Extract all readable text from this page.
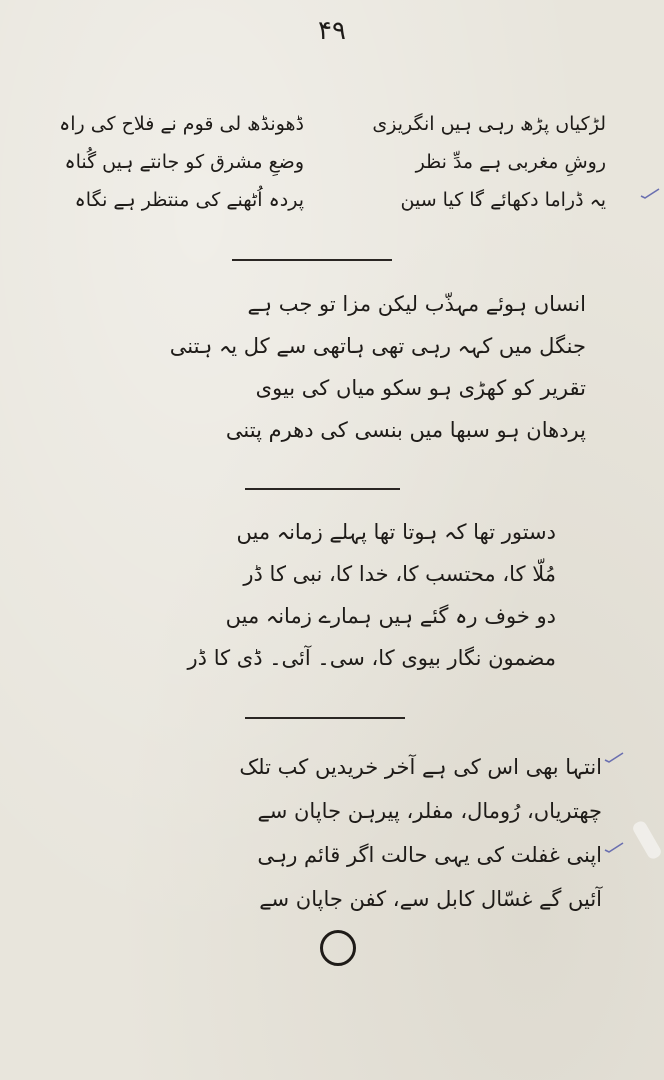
۴۹
لڑکیاں پڑھ رہی ہیں انگریزی
روشِ مغربی ہے مدِّ نظر
یہ ڈراما دکھائے گا کیا سین
ڈھونڈھ لی قوم نے فلاح کی راہ
وضعِ مشرق کو جانتے ہیں گُناہ
پردہ اُٹھنے کی منتظر ہے نگاہ
انساں ہوئے مہذّب لیکن مزا تو جب ہے
جنگل میں کہہ رہی تھی ہاتھی سے کل یہ ہتنی
تقریر کو کھڑی ہو سکو میاں کی بیوی
پردھان ہو سبھا میں بنسی کی دھرم پتنی
دستور تھا کہ ہوتا تھا پہلے زمانہ میں
مُلّا کا، محتسب کا، خدا کا، نبی کا ڈر
دو خوف رہ گئے ہیں ہمارے زمانہ میں
مضمون نگار بیوی کا، سی۔ آئی۔ ڈی کا ڈر
انتہا بھی اس کی ہے آخر خریدیں کب تلک
چھتریاں، رُومال، مفلر، پیرہن جاپان سے
اپنی غفلت کی یہی حالت اگر قائم رہی
آئیں گے غسّال کابل سے، کفن جاپان سے
